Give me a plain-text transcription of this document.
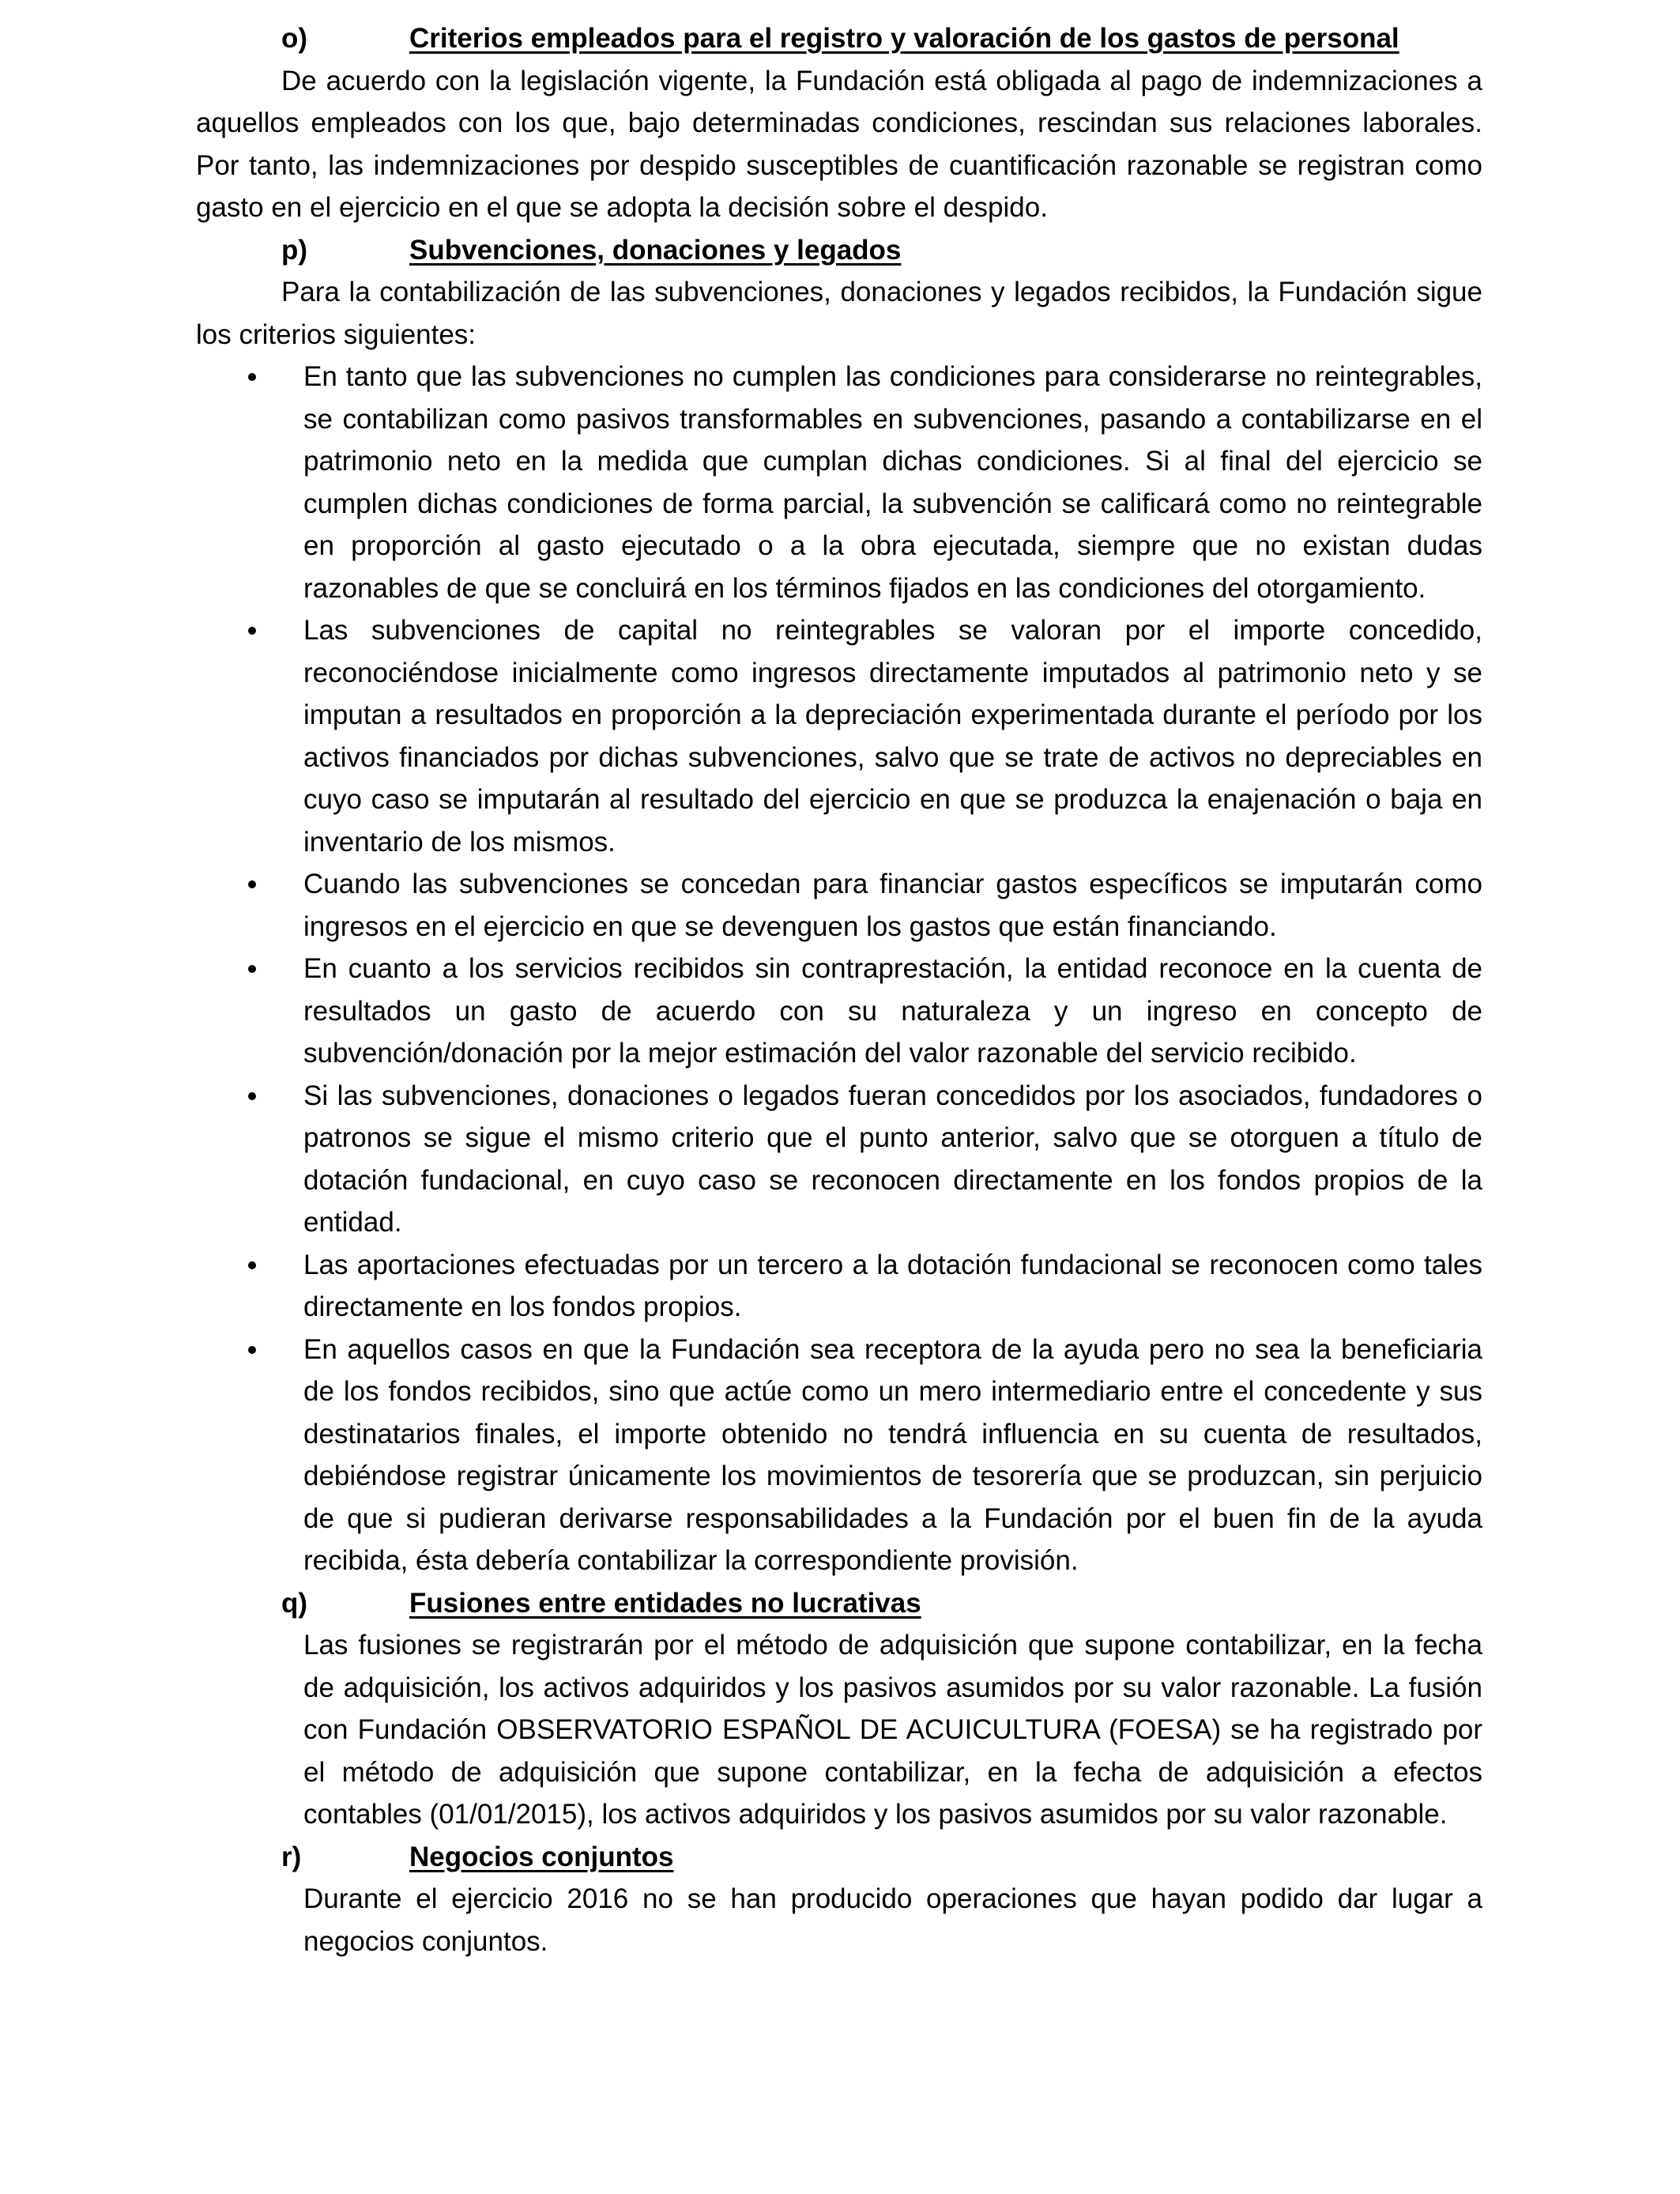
o)	Criterios empleados para el registro y valoración de los gastos de personal

De acuerdo con la legislación vigente, la Fundación está obligada al pago de indemnizaciones a aquellos empleados con los que, bajo determinadas condiciones, rescindan sus relaciones laborales. Por tanto, las indemnizaciones por despido susceptibles de cuantificación razonable se registran como gasto en el ejercicio en el que se adopta la decisión sobre el despido.

p)	Subvenciones, donaciones y legados

Para la contabilización de las subvenciones, donaciones y legados recibidos, la Fundación sigue los criterios siguientes:

En tanto que las subvenciones no cumplen las condiciones para considerarse no reintegrables, se contabilizan como pasivos transformables en subvenciones, pasando a contabilizarse en el patrimonio neto en la medida que cumplan dichas condiciones. Si al final del ejercicio se cumplen dichas condiciones de forma parcial, la subvención se calificará como no reintegrable en proporción al gasto ejecutado o a la obra ejecutada, siempre que no existan dudas razonables de que se concluirá en los términos fijados en las condiciones del otorgamiento.
Las subvenciones de capital no reintegrables se valoran por el importe concedido, reconociéndose inicialmente como ingresos directamente imputados al patrimonio neto y se imputan a resultados en proporción a la depreciación experimentada durante el período por los activos financiados por dichas subvenciones, salvo que se trate de activos no depreciables en cuyo caso se imputarán al resultado del ejercicio en que se produzca la enajenación o baja en inventario de los mismos.
Cuando las subvenciones se concedan para financiar gastos específicos se imputarán como ingresos en el ejercicio en que se devenguen los gastos que están financiando.
En cuanto a los servicios recibidos sin contraprestación, la entidad reconoce en la cuenta de resultados un gasto de acuerdo con su naturaleza y un ingreso en concepto de subvención/donación por la mejor estimación del valor razonable del servicio recibido.
Si las subvenciones, donaciones o legados fueran concedidos por los asociados, fundadores o patronos se sigue el mismo criterio que el punto anterior, salvo que se otorguen a título de dotación fundacional, en cuyo caso se reconocen directamente en los fondos propios de la entidad.
Las aportaciones efectuadas por un tercero a la dotación fundacional se reconocen como tales directamente en los fondos propios.
En aquellos casos en que la Fundación sea receptora de la ayuda pero no sea la beneficiaria de los fondos recibidos, sino que actúe como un mero intermediario entre el concedente y sus destinatarios finales, el importe obtenido no tendrá influencia en su cuenta de resultados, debiéndose registrar únicamente los movimientos de tesorería que se produzcan, sin perjuicio de que si pudieran derivarse responsabilidades a la Fundación por el buen fin de la ayuda recibida, ésta debería contabilizar la correspondiente provisión.
q)	Fusiones entre entidades no lucrativas

Las fusiones se registrarán por el método de adquisición que supone contabilizar, en la fecha de adquisición, los activos adquiridos y los pasivos asumidos por su valor razonable. La fusión con Fundación OBSERVATORIO ESPAÑOL DE ACUICULTURA (FOESA) se ha registrado por el método de adquisición que supone contabilizar, en la fecha de adquisición a efectos contables (01/01/2015), los activos adquiridos y los pasivos asumidos por su valor razonable.

r)	Negocios conjuntos

Durante el ejercicio 2016 no se han producido operaciones que hayan podido dar lugar a negocios conjuntos.
